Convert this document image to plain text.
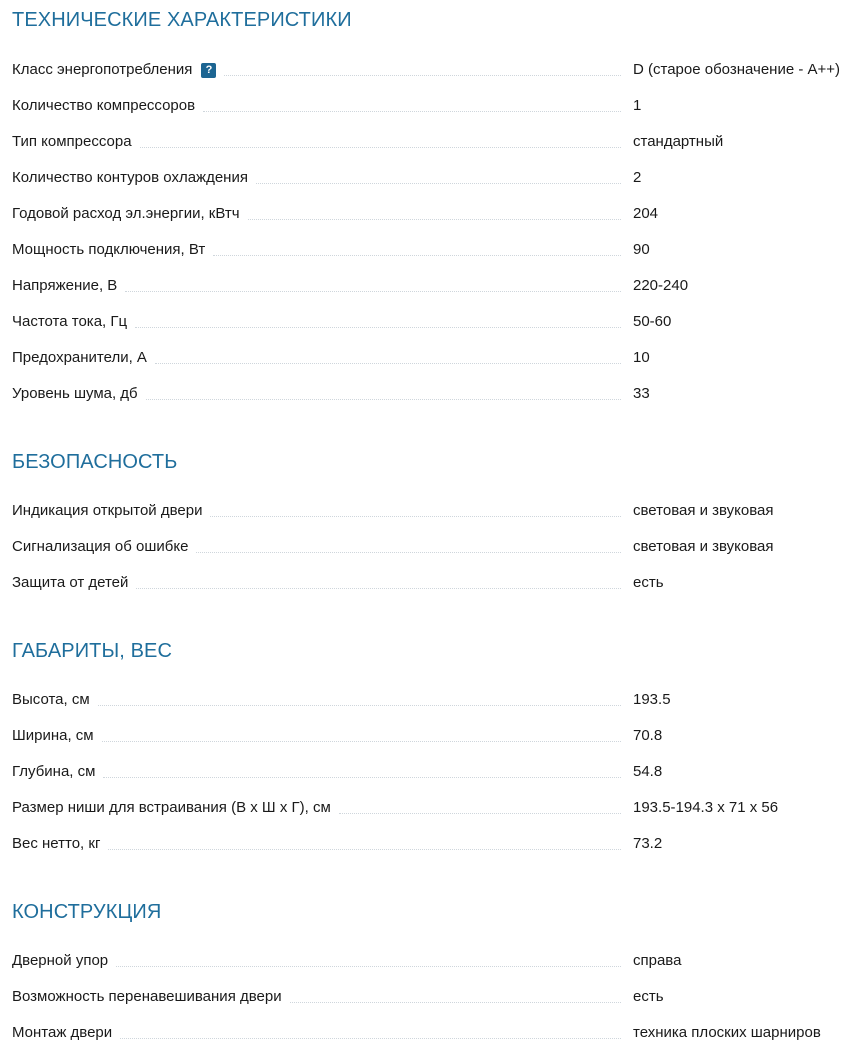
ТЕХНИЧЕСКИЕ ХАРАКТЕРИСТИКИ
Класс энергопотребления ?	D (старое обозначение - A++)
Количество компрессоров	1
Тип компрессора	стандартный
Количество контуров охлаждения	2
Годовой расход эл.энергии, кВтч	204
Мощность подключения, Вт	90
Напряжение, В	220-240
Частота тока, Гц	50-60
Предохранители, А	10
Уровень шума, дб	33
БЕЗОПАСНОСТЬ
Индикация открытой двери	световая и звуковая
Сигнализация об ошибке	световая и звуковая
Защита от детей	есть
ГАБАРИТЫ, ВЕС
Высота, см	193.5
Ширина, см	70.8
Глубина, см	54.8
Размер ниши для встраивания (В х Ш х Г), см	193.5-194.3 х 71 х 56
Вес нетто, кг	73.2
КОНСТРУКЦИЯ
Дверной упор	справа
Возможность перенавешивания двери	есть
Монтаж двери	техника плоских шарниров
